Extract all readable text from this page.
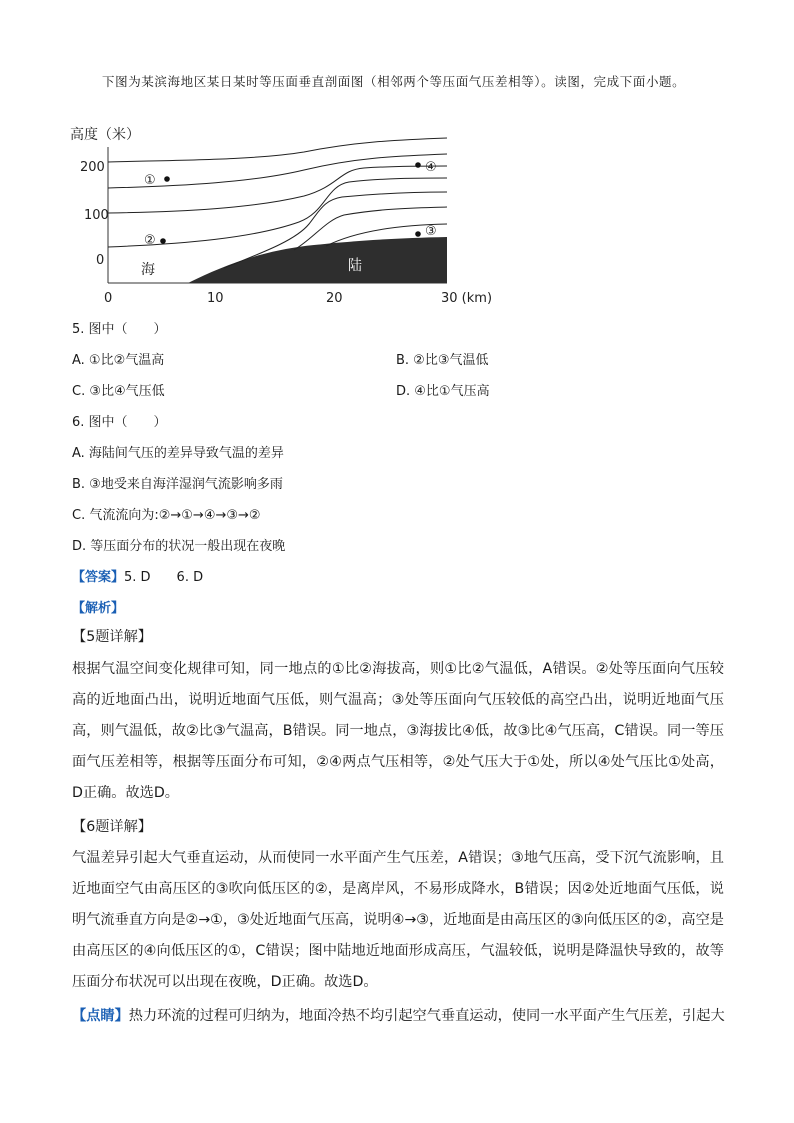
下图为某滨海地区某日某时等压面垂直剖面图（相邻两个等压面气压差相等）。读图，完成下面小题。

高度（米）
200
100
0	陆
海
①
②
③
④
0	10	20	30 (km)
5. 图中（　　）
A. ①比②气温高	B. ②比③气温低
C. ③比④气压低	D. ④比①气压高
6. 图中（　　）
A. 海陆间气压的差异导致气温的差异
B. ③地受来自海洋湿润气流影响多雨
C. 气流流向为:②→①→④→③→②
D. 等压面分布的状况一般出现在夜晚
【答案】5. D　　6. D
【解析】
【5题详解】

根据气温空间变化规律可知，同一地点的①比②海拔高，则①比②气温低，A错误。②处等压面向气压较高的近地面凸出，说明近地面气压低，则气温高；③处等压面向气压较低的高空凸出，说明近地面气压高，则气温低，故②比③气温高，B错误。同一地点，③海拔比④低，故③比④气压高，C错误。同一等压面气压差相等，根据等压面分布可知，②④两点气压相等，②处气压大于①处，所以④处气压比①处高，D正确。故选D。

【6题详解】

气温差异引起大气垂直运动，从而使同一水平面产生气压差，A错误；③地气压高，受下沉气流影响，且近地面空气由高压区的③吹向低压区的②，是离岸风，不易形成降水，B错误；因②处近地面气压低，说明气流垂直方向是②→①，③处近地面气压高，说明④→③，近地面是由高压区的③向低压区的②，高空是由高压区的④向低压区的①，C错误；图中陆地近地面形成高压，气温较低，说明是降温快导致的，故等压面分布状况可以出现在夜晚，D正确。故选D。

【点睛】热力环流的过程可归纳为，地面冷热不均引起空气垂直运动，使同一水平面产生气压差，引起大
